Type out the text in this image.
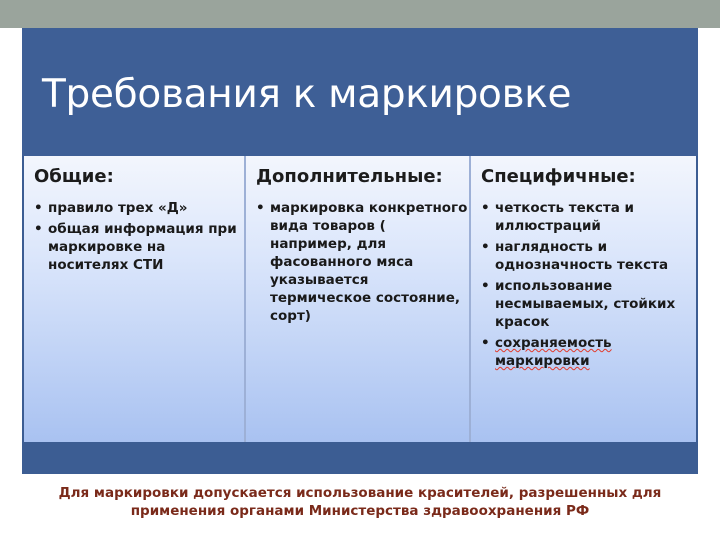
Требования к маркировке
Общие:
• правило трех «Д»
• общая информация при маркировке на носителях СТИ
Дополнительные:
• маркировка конкретного вида товаров ( например, для фасованного мяса указывается термическое состояние, сорт)
Специфичные:
• четкость текста и иллюстраций
• наглядность и однозначность текста
• использование несмываемых, стойких красок
• сохраняемость маркировки
Для маркировки допускается использование красителей, разрешенных для применения органами Министерства здравоохранения РФ
